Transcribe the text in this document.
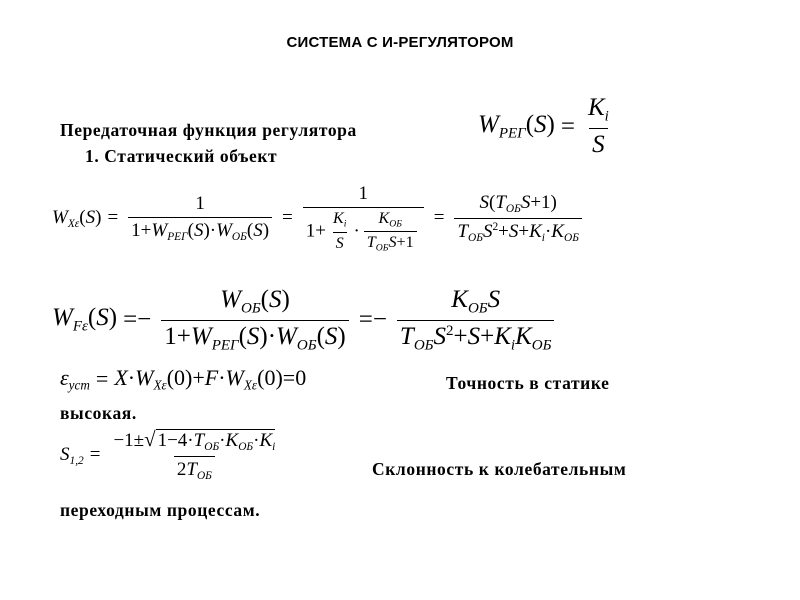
СИСТЕМА С И-РЕГУЛЯТОРОМ
Передаточная функция регулятора
1. Статический объект
$W_{РЕГ}(S) = \frac{K_i}{S}$
$W_{X\varepsilon}(S) = \frac{1}{1+W_{РЕГ}(S)\cdot W_{ОБ}(S)} = \frac{1}{1+ \frac{K_i}{S} \cdot \frac{K_{ОБ}}{T_{ОБ}S+1}} = \frac{S(T_{ОБ}S+1)}{T_{ОБ}S^2+S+K_i\cdot K_{ОБ}}$
$W_{F\varepsilon}(S) =- \frac{W_{ОБ}(S)}{1+W_{РЕГ}(S)\cdot W_{ОБ}(S)} =- \frac{K_{ОБ}S}{T_{ОБ}S^2+S+K_iK_{ОБ}}$
$\varepsilon_{уст} = X\cdot W_{X\varepsilon}(0)+F\cdot W_{X\varepsilon}(0)=0$	Точность в статике
высокая.
$S_{1,2} = \frac{-1\pm√ 1-4\cdot T_{ОБ}\cdot K_{ОБ}\cdot K_i}{2T_{ОБ}}$	Склонность к колебательным
переходным процессам.
